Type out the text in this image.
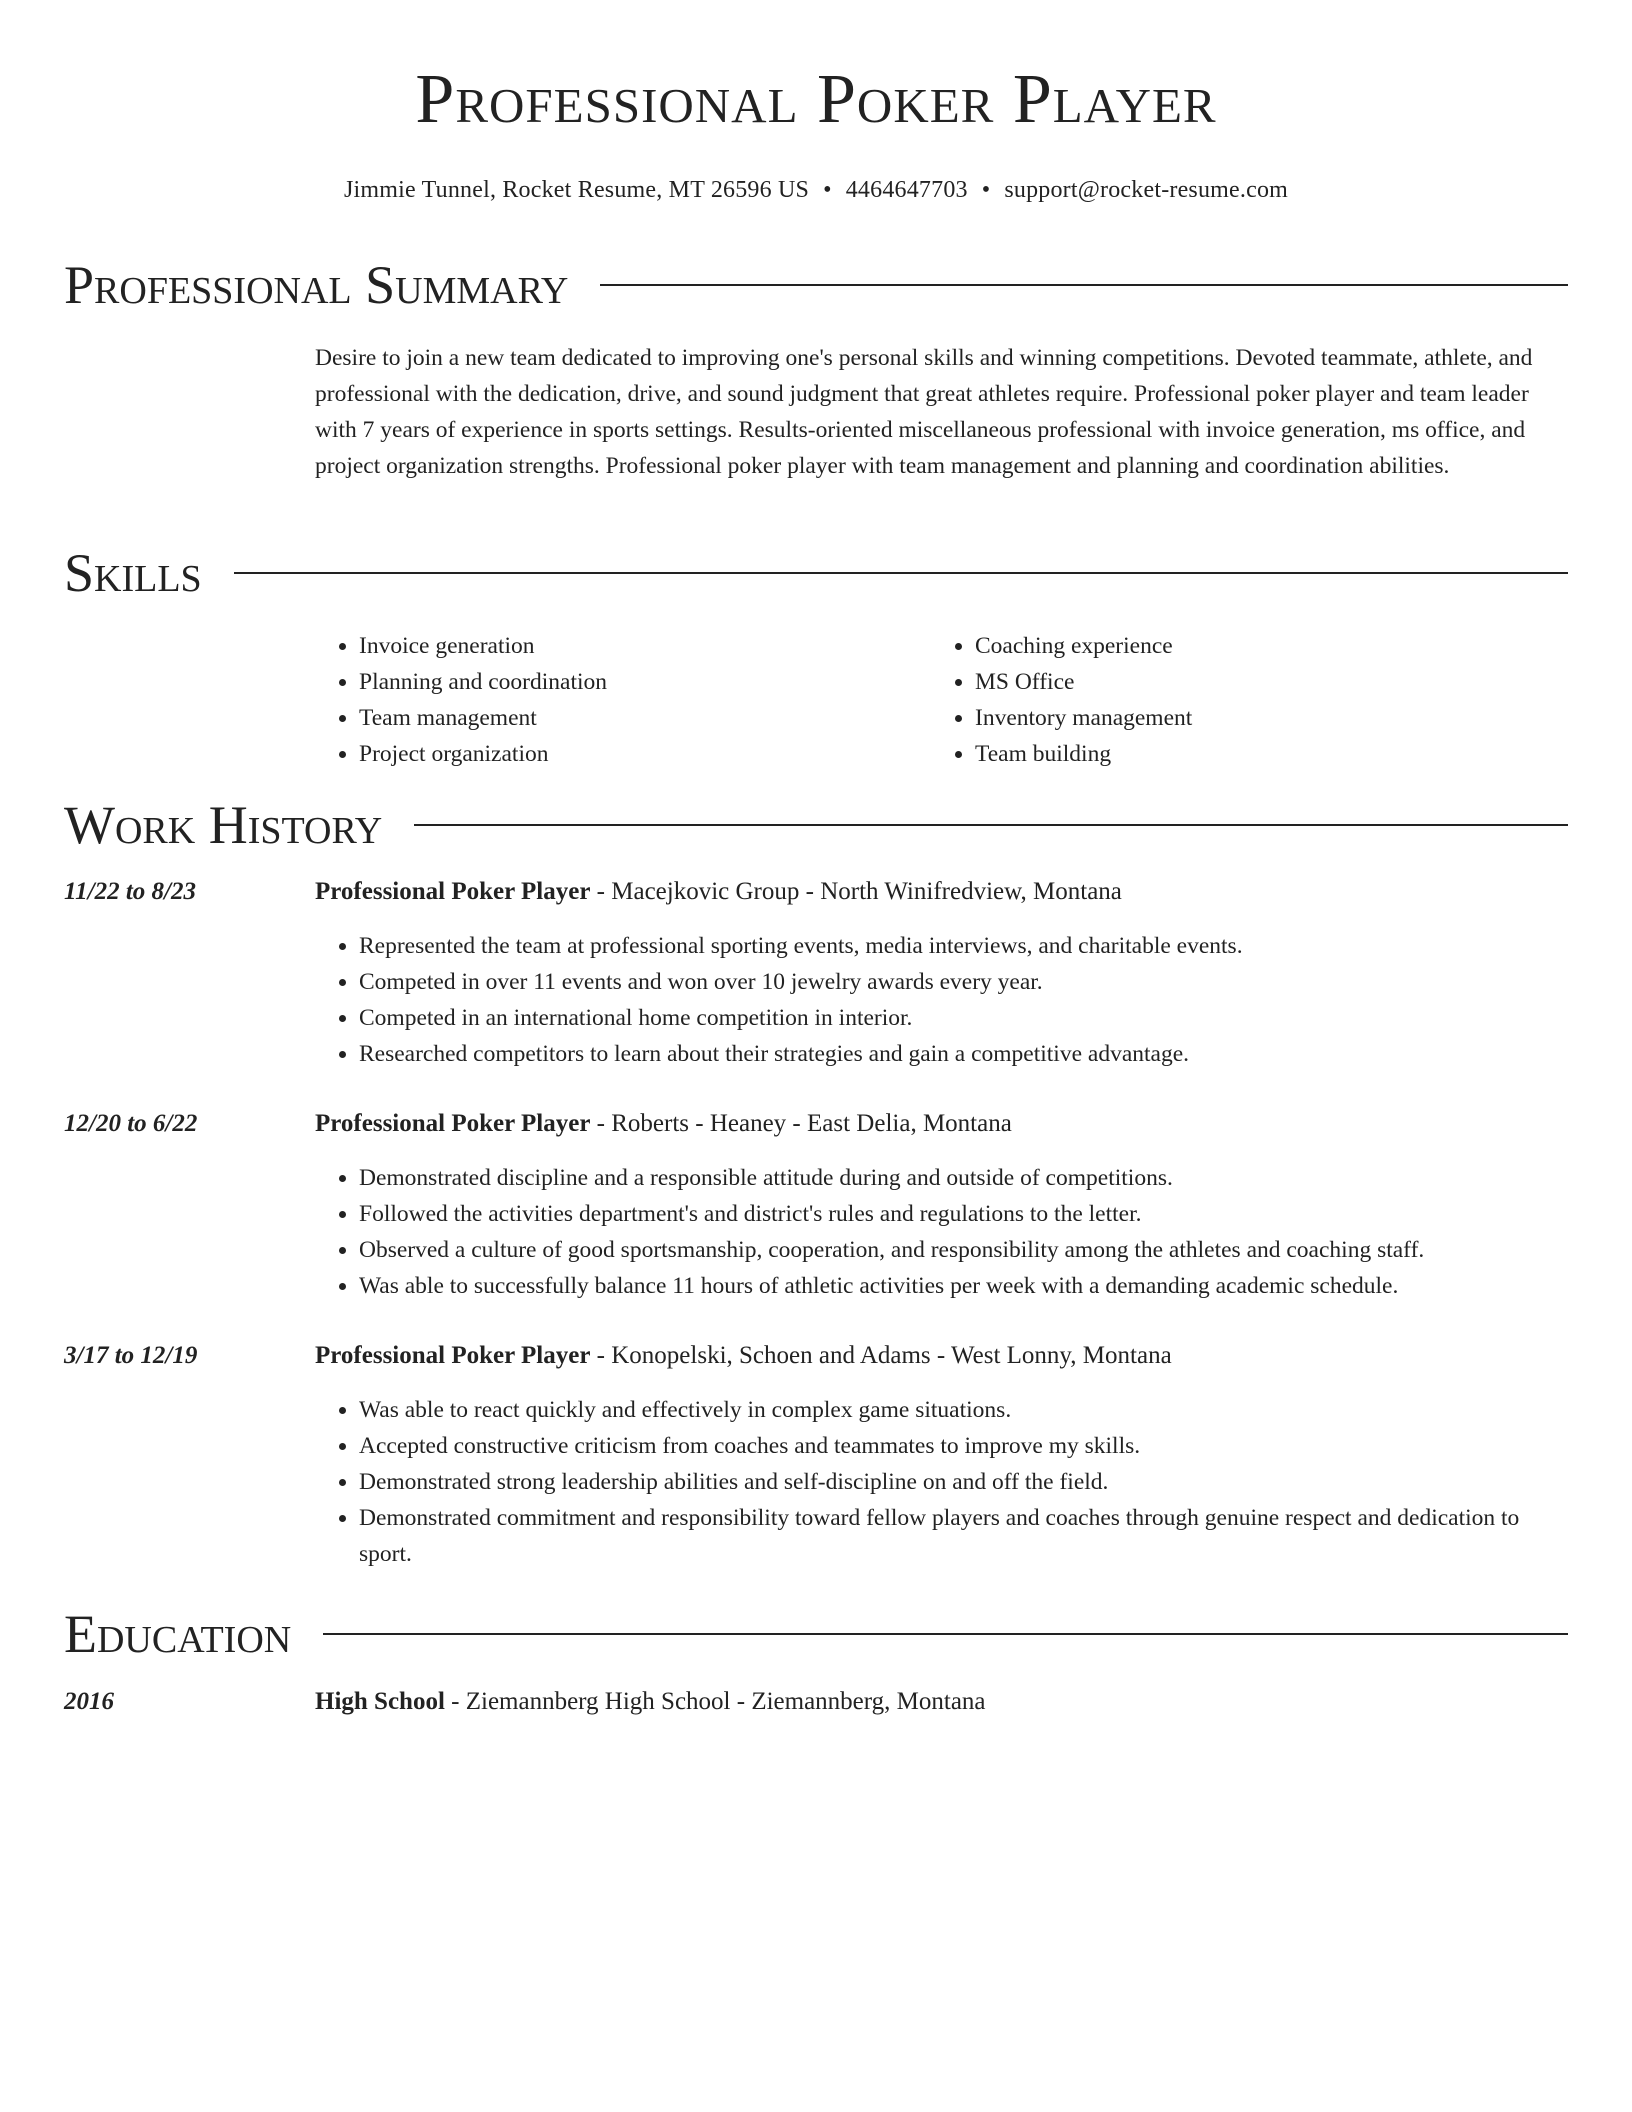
Professional Poker Player
Jimmie Tunnel, Rocket Resume, MT 26596 US • 4464647703 • support@rocket-resume.com
Professional Summary
Desire to join a new team dedicated to improving one's personal skills and winning competitions. Devoted teammate, athlete, and professional with the dedication, drive, and sound judgment that great athletes require. Professional poker player and team leader with 7 years of experience in sports settings. Results-oriented miscellaneous professional with invoice generation, ms office, and project organization strengths. Professional poker player with team management and planning and coordination abilities.
Skills
• Invoice generation
• Planning and coordination
• Team management
• Project organization
• Coaching experience
• MS Office
• Inventory management
• Team building
Work History
11/22 to 8/23	Professional Poker Player - Macejkovic Group - North Winifredview, Montana
• Represented the team at professional sporting events, media interviews, and charitable events.
• Competed in over 11 events and won over 10 jewelry awards every year.
• Competed in an international home competition in interior.
• Researched competitors to learn about their strategies and gain a competitive advantage.
12/20 to 6/22	Professional Poker Player - Roberts - Heaney - East Delia, Montana
• Demonstrated discipline and a responsible attitude during and outside of competitions.
• Followed the activities department's and district's rules and regulations to the letter.
• Observed a culture of good sportsmanship, cooperation, and responsibility among the athletes and coaching staff.
• Was able to successfully balance 11 hours of athletic activities per week with a demanding academic schedule.
3/17 to 12/19	Professional Poker Player - Konopelski, Schoen and Adams - West Lonny, Montana
• Was able to react quickly and effectively in complex game situations.
• Accepted constructive criticism from coaches and teammates to improve my skills.
• Demonstrated strong leadership abilities and self-discipline on and off the field.
• Demonstrated commitment and responsibility toward fellow players and coaches through genuine respect and dedication to sport.
Education
2016	High School - Ziemannberg High School - Ziemannberg, Montana
